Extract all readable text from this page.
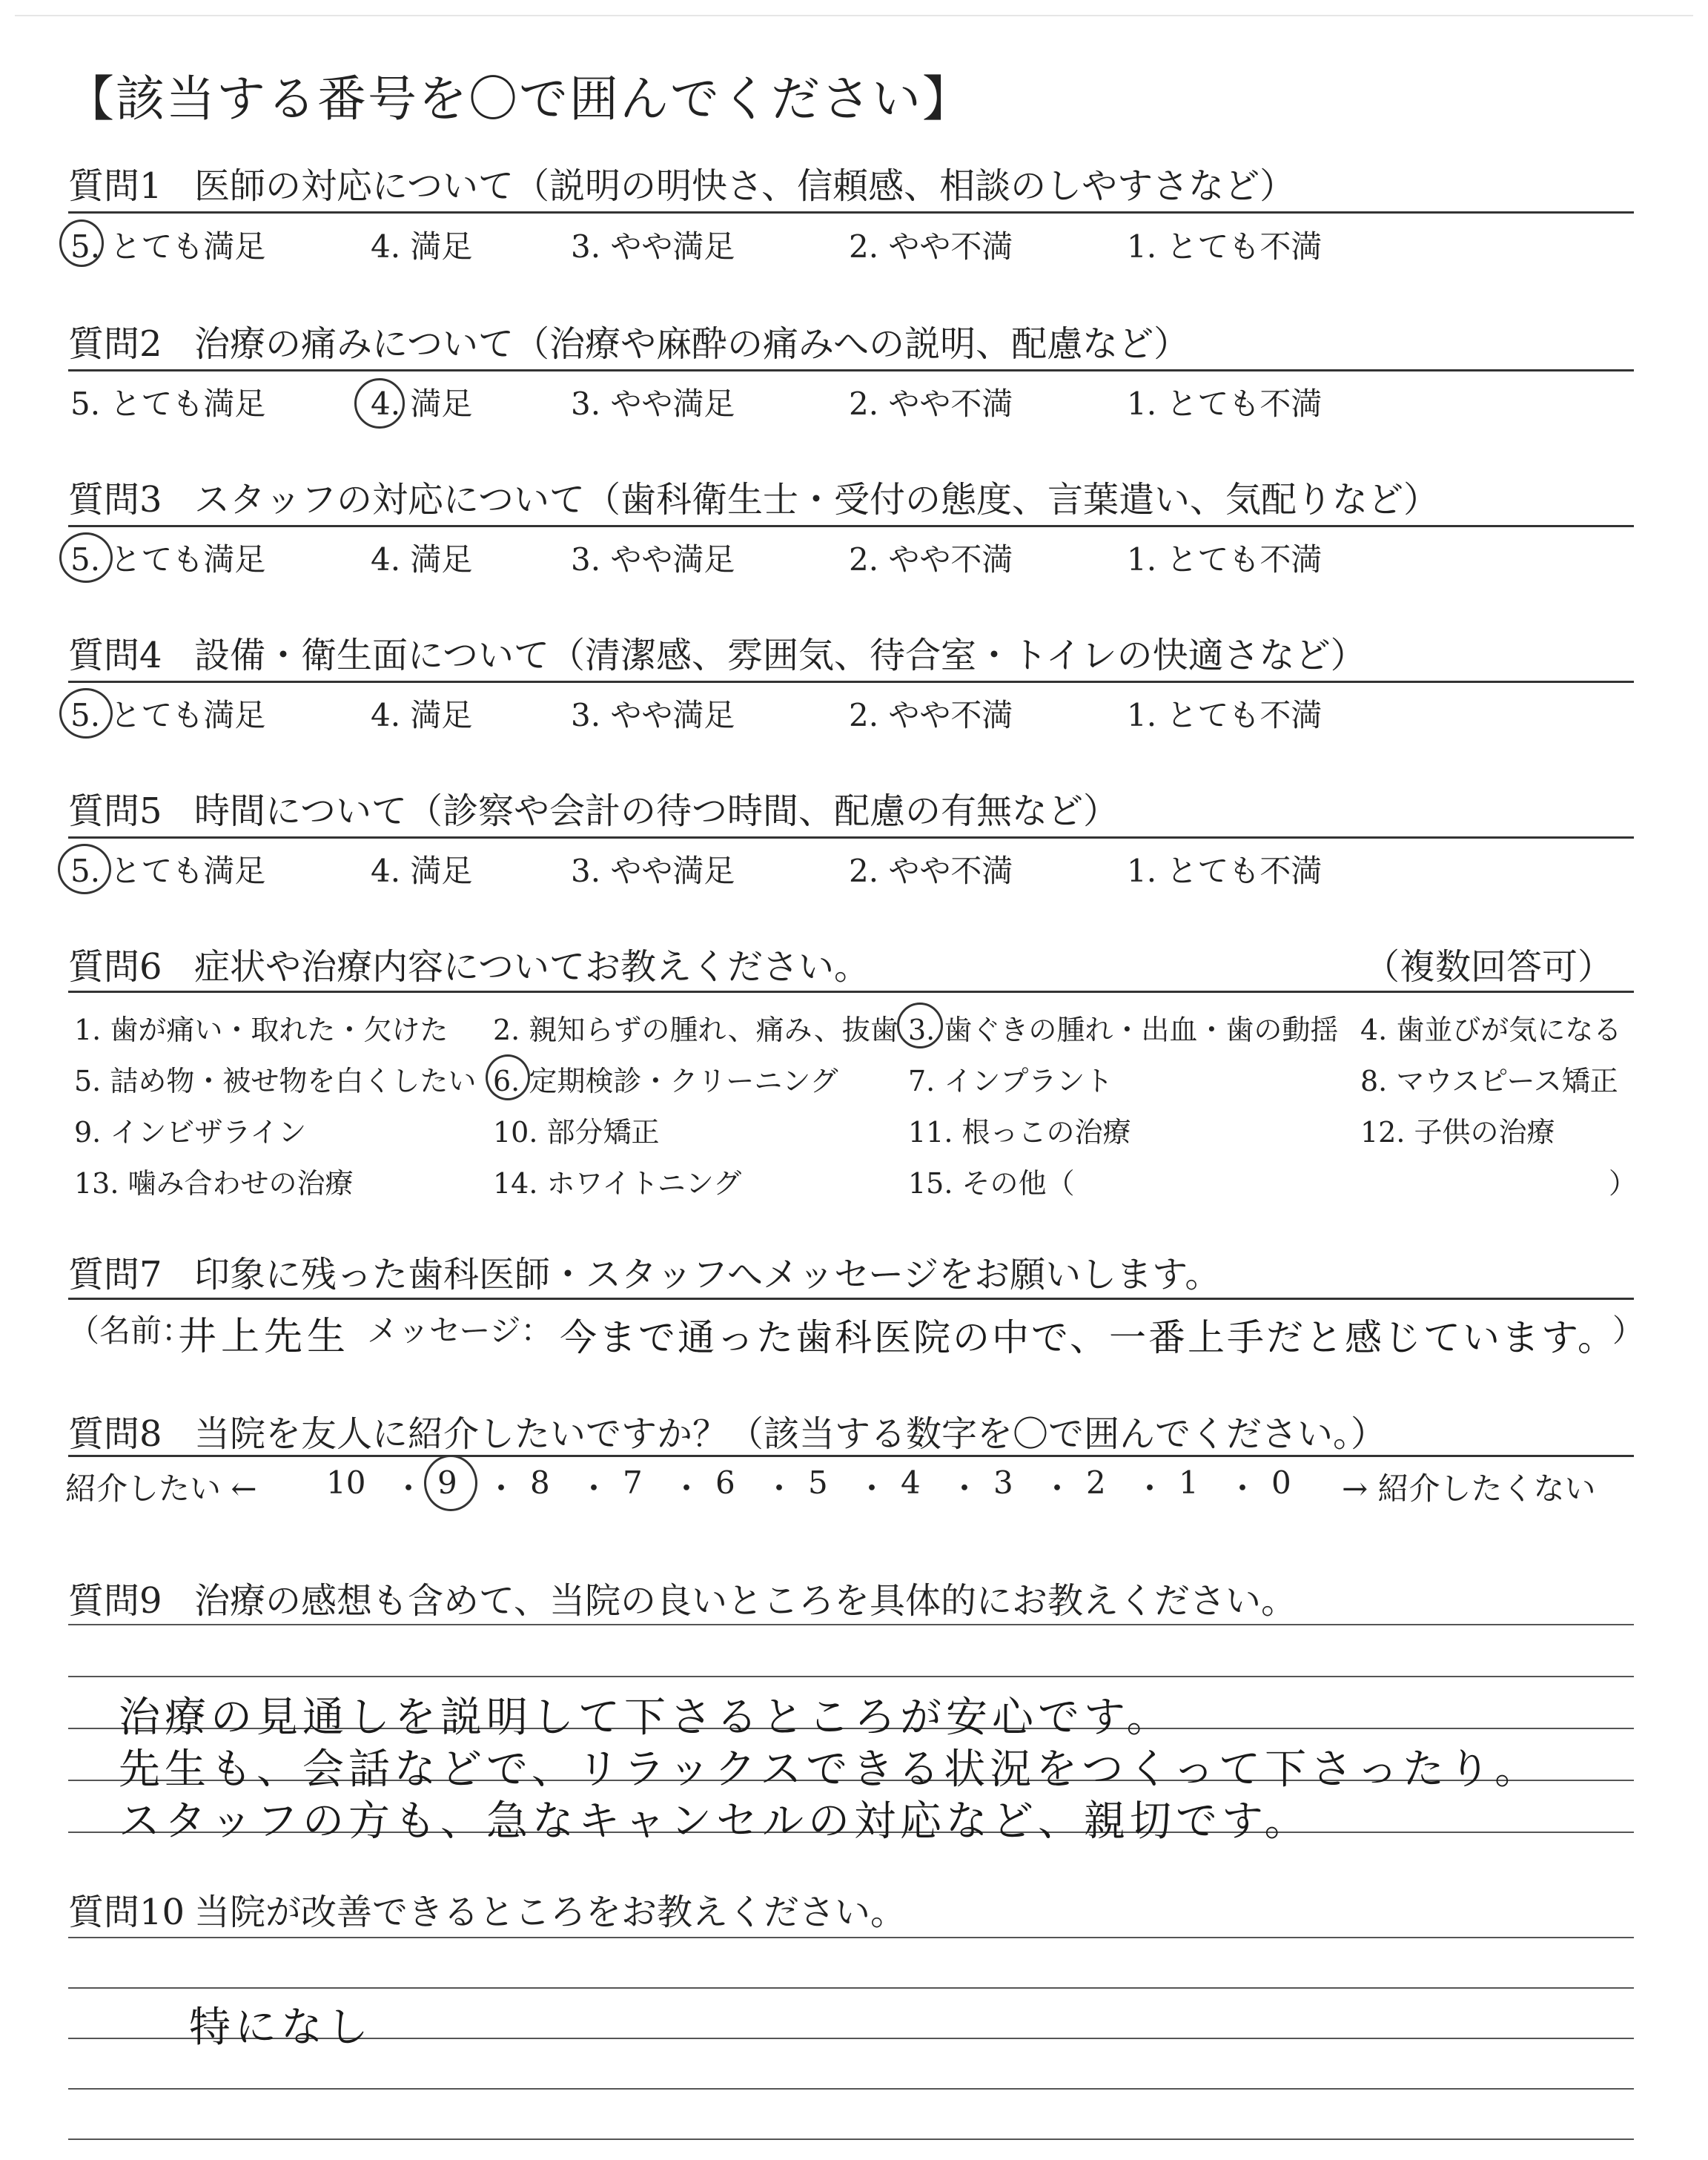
【該当する番号を〇で囲んでください】
質問1 医師の対応について（説明の明快さ、信頼感、相談のしやすさなど）
5. とても満足	4. 満足	3. やや満足	2. やや不満	1. とても不満
質問2 治療の痛みについて（治療や麻酔の痛みへの説明、配慮など）
5. とても満足	4. 満足	3. やや満足	2. やや不満	1. とても不満
質問3 スタッフの対応について（歯科衛生士・受付の態度、言葉遣い、気配りなど）
5. とても満足	4. 満足	3. やや満足	2. やや不満	1. とても不満
質問4 設備・衛生面について（清潔感、雰囲気、待合室・トイレの快適さなど）
5. とても満足	4. 満足	3. やや満足	2. やや不満	1. とても不満
質問5 時間について（診察や会計の待つ時間、配慮の有無など）
5. とても満足	4. 満足	3. やや満足	2. やや不満	1. とても不満
質問6 症状や治療内容についてお教えください。	（複数回答可）
1. 歯が痛い・取れた・欠けた 2. 親知らずの腫れ、痛み、抜歯 3. 歯ぐきの腫れ・出血・歯の動揺 4. 歯並びが気になる
5. 詰め物・被せ物を白くしたい 6. 定期検診・クリーニング 7. インプラント	8. マウスピース矯正
9. インビザライン	10. 部分矯正	11. 根っこの治療	12. 子供の治療
13. 噛み合わせの治療	14. ホワイトニング	15. その他（	）
質問7 印象に残った歯科医師・スタッフへメッセージをお願いします。
（名前：
井上先生 メッセージ： 今まで通った歯科医院の中で、一番上手だと感じています。
）
質問8 当院を友人に紹介したいですか？（該当する数字を〇で囲んでください。）
紹介したい ← 10 ・ 9 ・ 8 ・ 7 ・ 6 ・ 5 ・ 4 ・ 3 ・ 2 ・ 1 ・ 0 → 紹介したくない
質問9 治療の感想も含めて、当院の良いところを具体的にお教えください。
治療の見通しを説明して下さるところが安心です。
先生も、会話などで、リラックスできる状況をつくって下さったり。
スタッフの方も、急なキャンセルの対応など、親切です。
質問10 当院が改善できるところをお教えください。
特になし
